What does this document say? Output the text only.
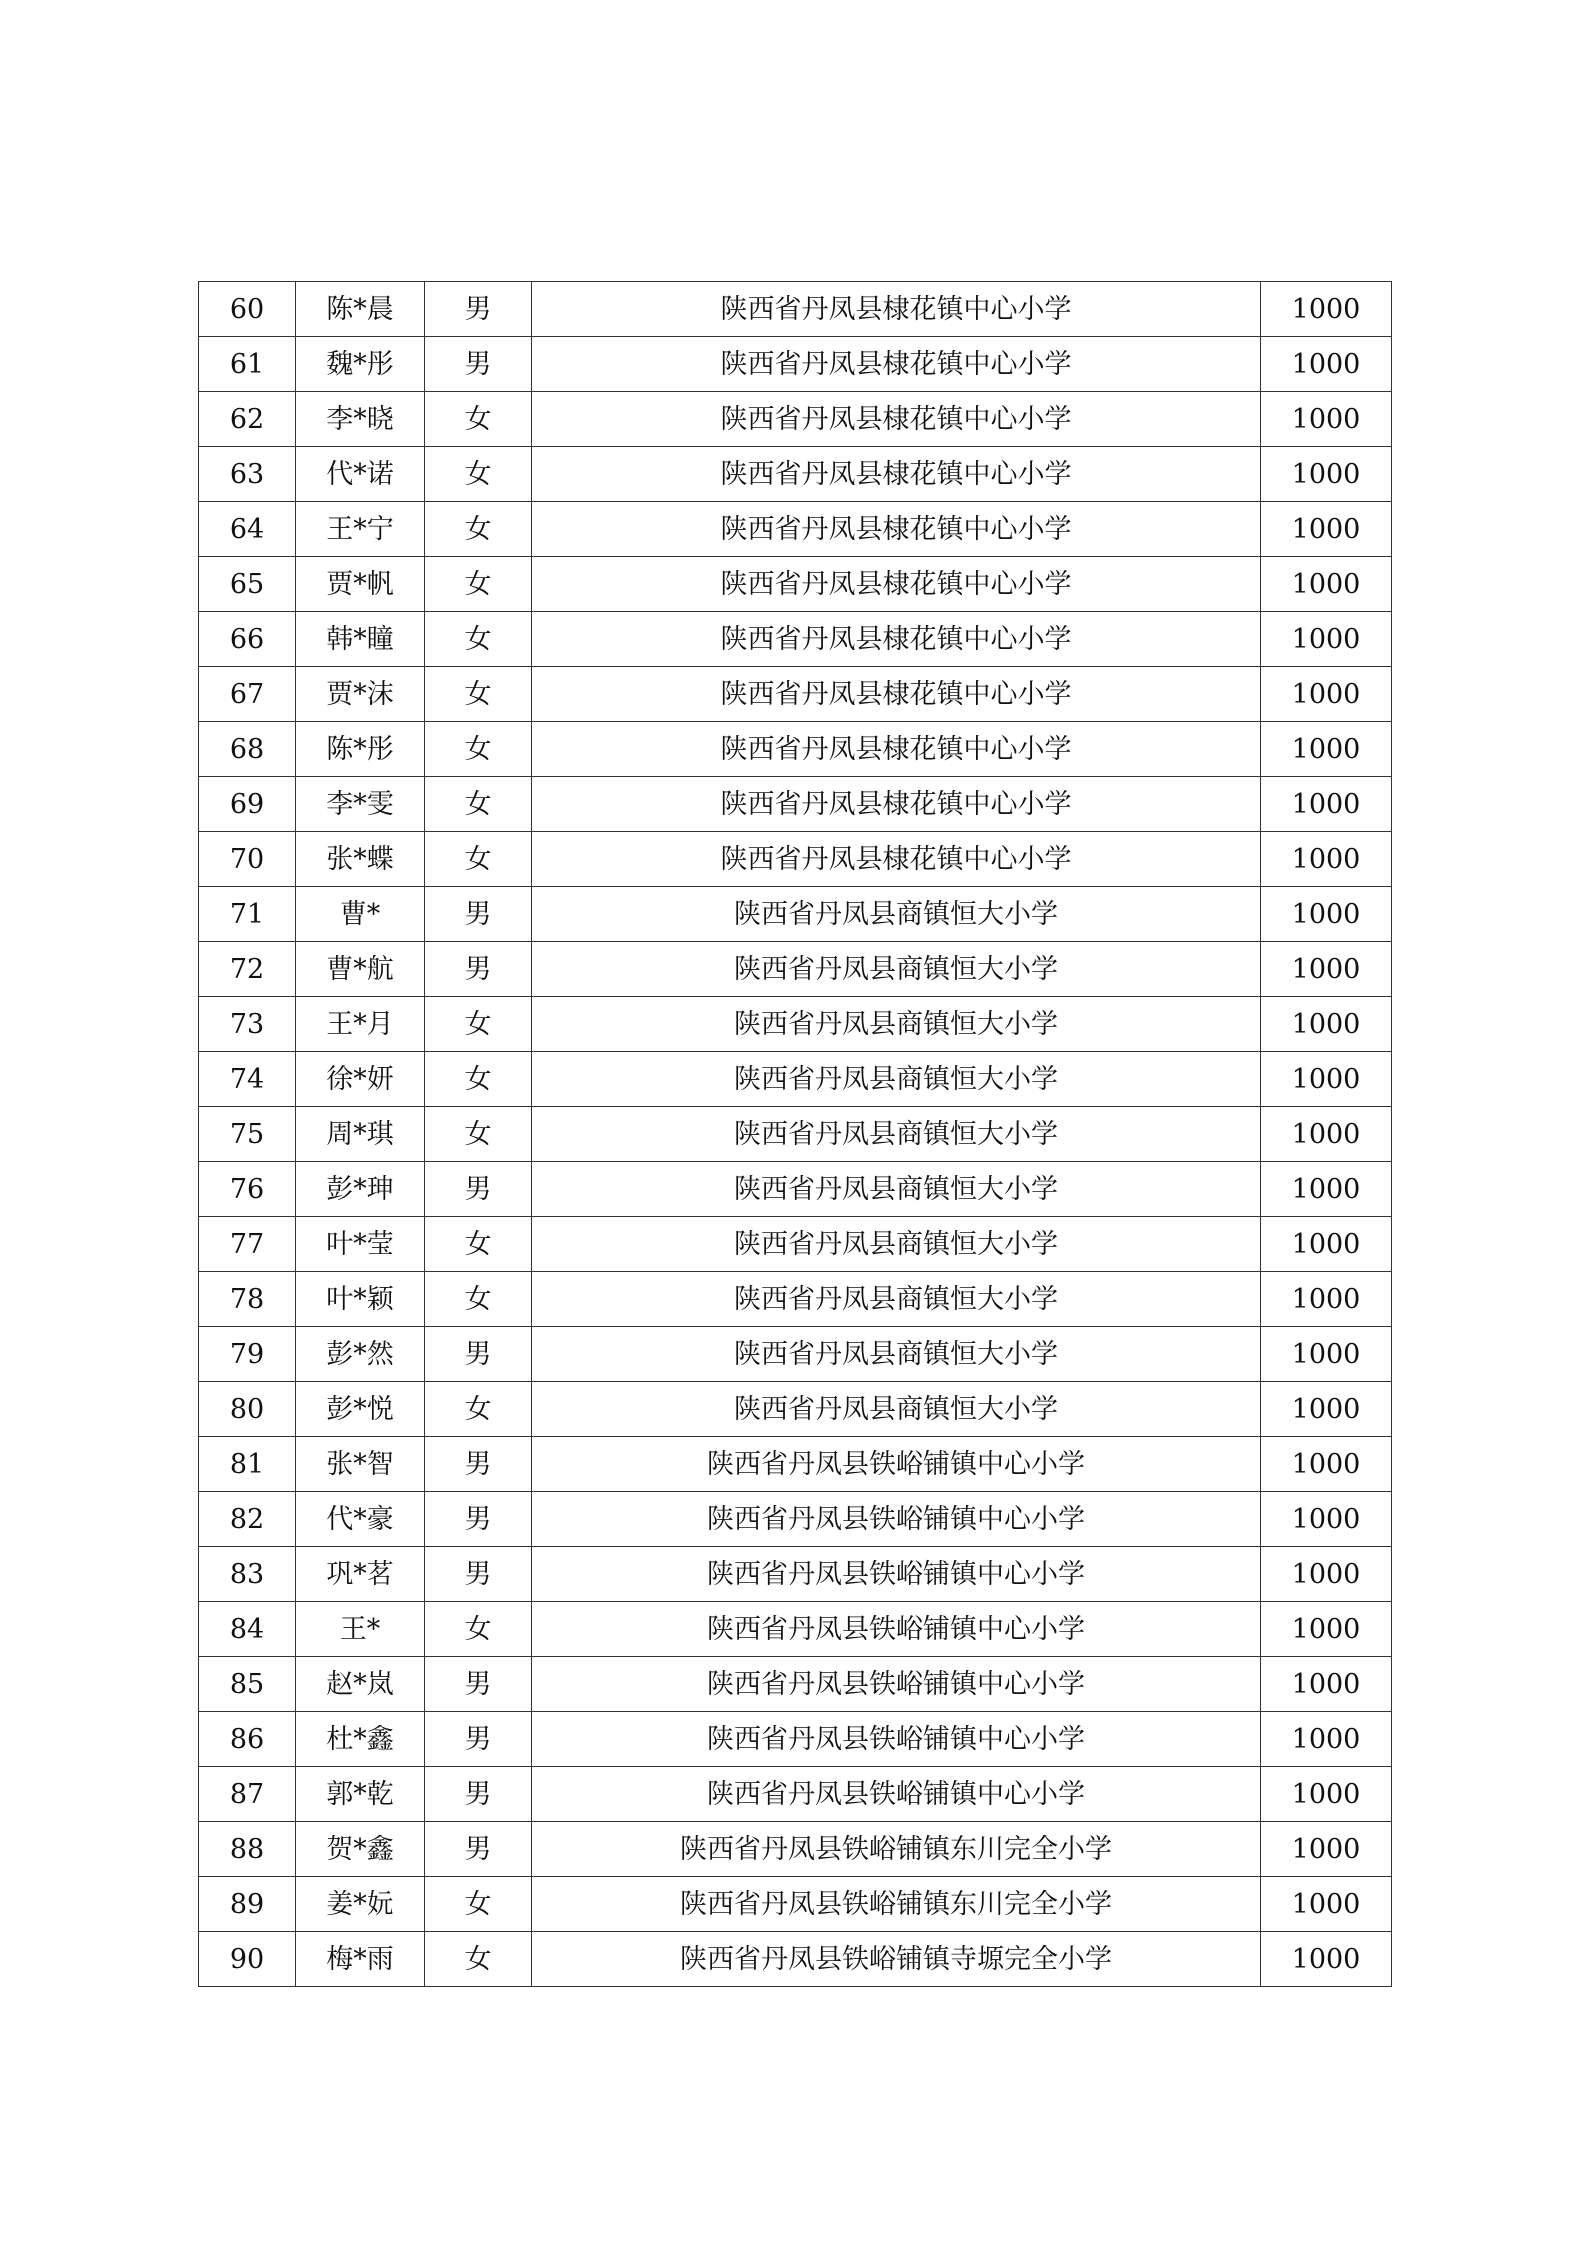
60	陈*晨	男	陕西省丹凤县棣花镇中心小学	1000
61	魏*彤	男	陕西省丹凤县棣花镇中心小学	1000
62	李*晓	女	陕西省丹凤县棣花镇中心小学	1000
63	代*诺	女	陕西省丹凤县棣花镇中心小学	1000
64	王*宁	女	陕西省丹凤县棣花镇中心小学	1000
65	贾*帆	女	陕西省丹凤县棣花镇中心小学	1000
66	韩*瞳	女	陕西省丹凤县棣花镇中心小学	1000
67	贾*沫	女	陕西省丹凤县棣花镇中心小学	1000
68	陈*彤	女	陕西省丹凤县棣花镇中心小学	1000
69	李*雯	女	陕西省丹凤县棣花镇中心小学	1000
70	张*蝶	女	陕西省丹凤县棣花镇中心小学	1000
71	曹*	男	陕西省丹凤县商镇恒大小学	1000
72	曹*航	男	陕西省丹凤县商镇恒大小学	1000
73	王*月	女	陕西省丹凤县商镇恒大小学	1000
74	徐*妍	女	陕西省丹凤县商镇恒大小学	1000
75	周*琪	女	陕西省丹凤县商镇恒大小学	1000
76	彭*珅	男	陕西省丹凤县商镇恒大小学	1000
77	叶*莹	女	陕西省丹凤县商镇恒大小学	1000
78	叶*颖	女	陕西省丹凤县商镇恒大小学	1000
79	彭*然	男	陕西省丹凤县商镇恒大小学	1000
80	彭*悦	女	陕西省丹凤县商镇恒大小学	1000
81	张*智	男	陕西省丹凤县铁峪铺镇中心小学	1000
82	代*豪	男	陕西省丹凤县铁峪铺镇中心小学	1000
83	巩*茗	男	陕西省丹凤县铁峪铺镇中心小学	1000
84	王*	女	陕西省丹凤县铁峪铺镇中心小学	1000
85	赵*岚	男	陕西省丹凤县铁峪铺镇中心小学	1000
86	杜*鑫	男	陕西省丹凤县铁峪铺镇中心小学	1000
87	郭*乾	男	陕西省丹凤县铁峪铺镇中心小学	1000
88	贺*鑫	男	陕西省丹凤县铁峪铺镇东川完全小学	1000
89	姜*妧	女	陕西省丹凤县铁峪铺镇东川完全小学	1000
90	梅*雨	女	陕西省丹凤县铁峪铺镇寺塬完全小学	1000
